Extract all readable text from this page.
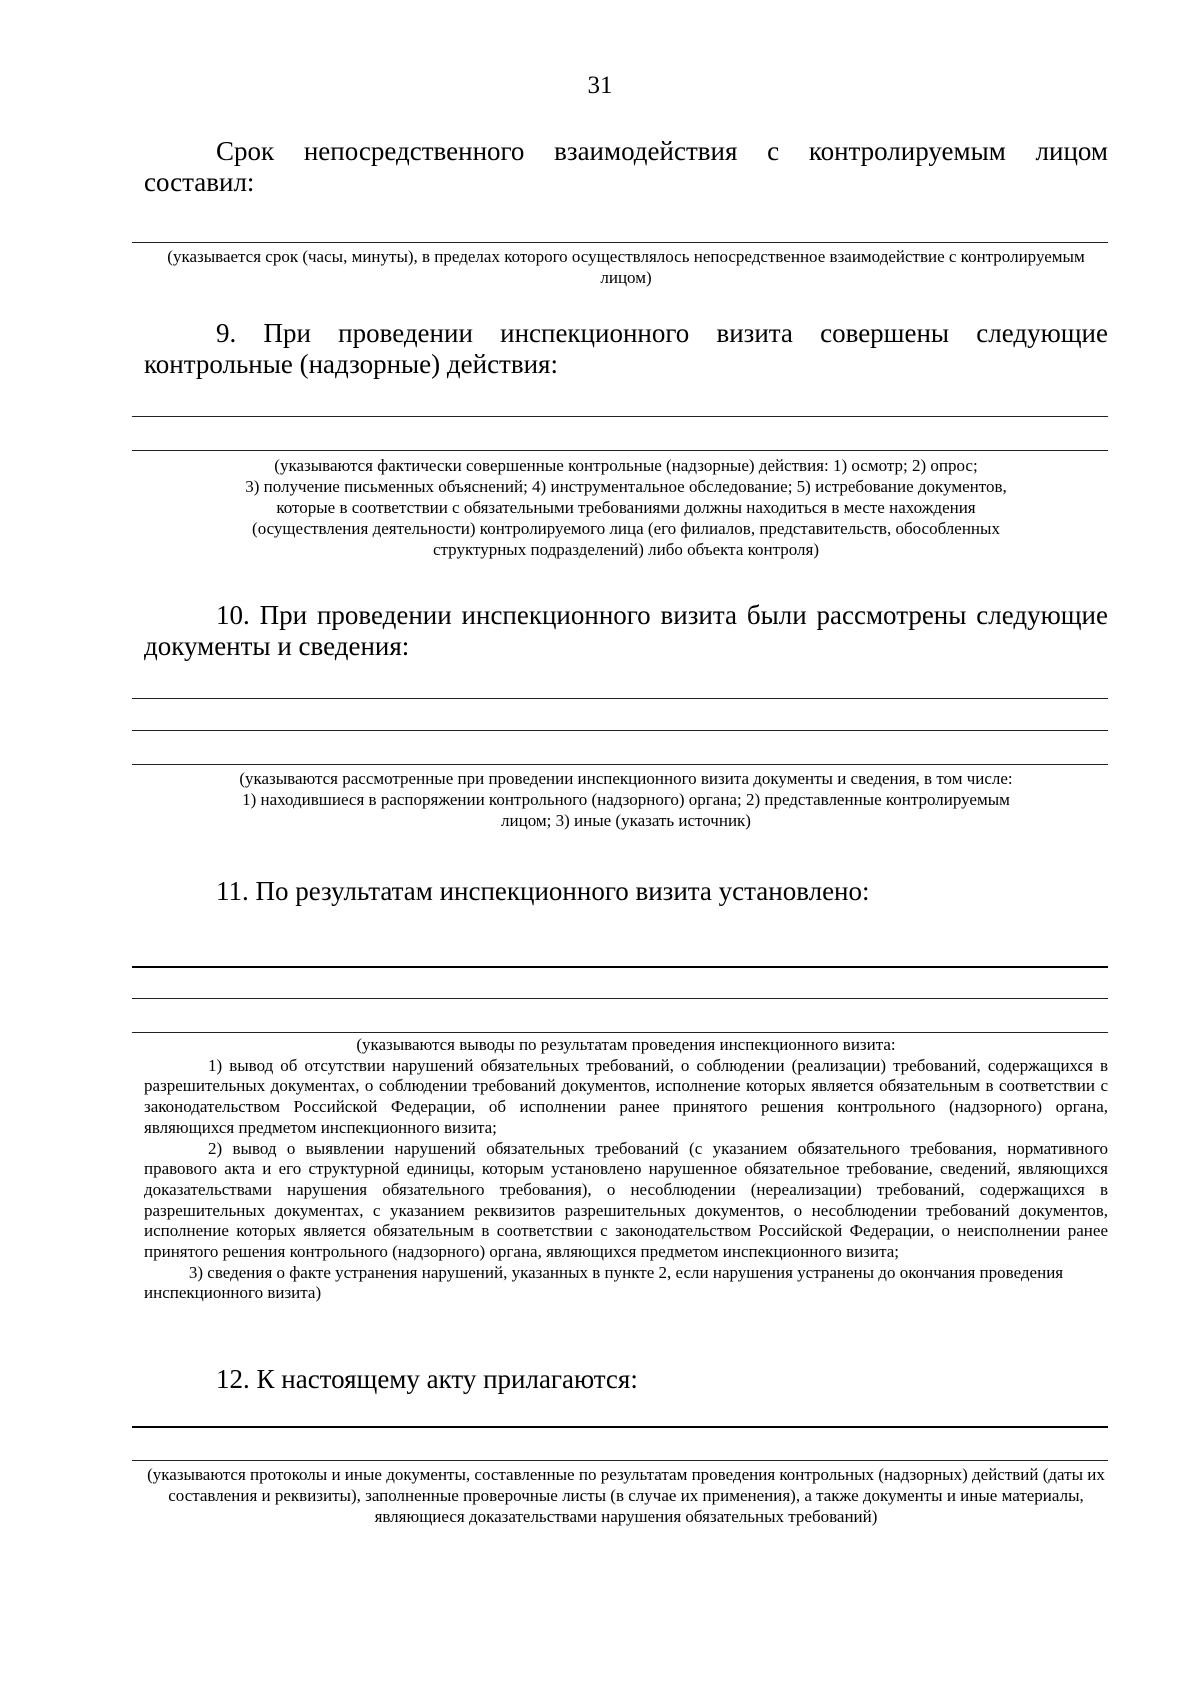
31

Срок непосредственного взаимодействия с контролируемым лицом составил:

(указывается срок (часы, минуты), в пределах которого осуществлялось непосредственное взаимодействие с контролируемым лицом)

9. При проведении инспекционного визита совершены следующие контрольные (надзорные) действия:

(указываются фактически совершенные контрольные (надзорные) действия: 1) осмотр; 2) опрос;
3) получение письменных объяснений; 4) инструментальное обследование; 5) истребование документов,
которые в соответствии с обязательными требованиями должны находиться в месте нахождения
(осуществления деятельности) контролируемого лица (его филиалов, представительств, обособленных
структурных подразделений) либо объекта контроля)

10. При проведении инспекционного визита были рассмотрены следующие документы и сведения:

(указываются рассмотренные при проведении инспекционного визита документы и сведения, в том числе:
1) находившиеся в распоряжении контрольного (надзорного) органа; 2) представленные контролируемым
лицом; 3) иные (указать источник)

11. По результатам инспекционного визита установлено:

(указываются выводы по результатам проведения инспекционного визита:
1) вывод об отсутствии нарушений обязательных требований, о соблюдении (реализации) требований, содержащихся в разрешительных документах, о соблюдении требований документов, исполнение которых является обязательным в соответствии с законодательством Российской Федерации, об исполнении ранее принятого решения контрольного (надзорного) органа, являющихся предметом инспекционного визита;
2) вывод о выявлении нарушений обязательных требований (с указанием обязательного требования, нормативного правового акта и его структурной единицы, которым установлено нарушенное обязательное требование, сведений, являющихся доказательствами нарушения обязательного требования), о несоблюдении (нереализации) требований, содержащихся в разрешительных документах, с указанием реквизитов разрешительных документов, о несоблюдении требований документов, исполнение которых является обязательным в соответствии с законодательством Российской Федерации, о неисполнении ранее принятого решения контрольного (надзорного) органа, являющихся предметом инспекционного визита;
3) сведения о факте устранения нарушений, указанных в пункте 2, если нарушения устранены до окончания проведения инспекционного визита)

12. К настоящему акту прилагаются:

(указываются протоколы и иные документы, составленные по результатам проведения контрольных (надзорных) действий (даты их составления и реквизиты), заполненные проверочные листы (в случае их применения), а также документы и иные материалы, являющиеся доказательствами нарушения обязательных требований)
